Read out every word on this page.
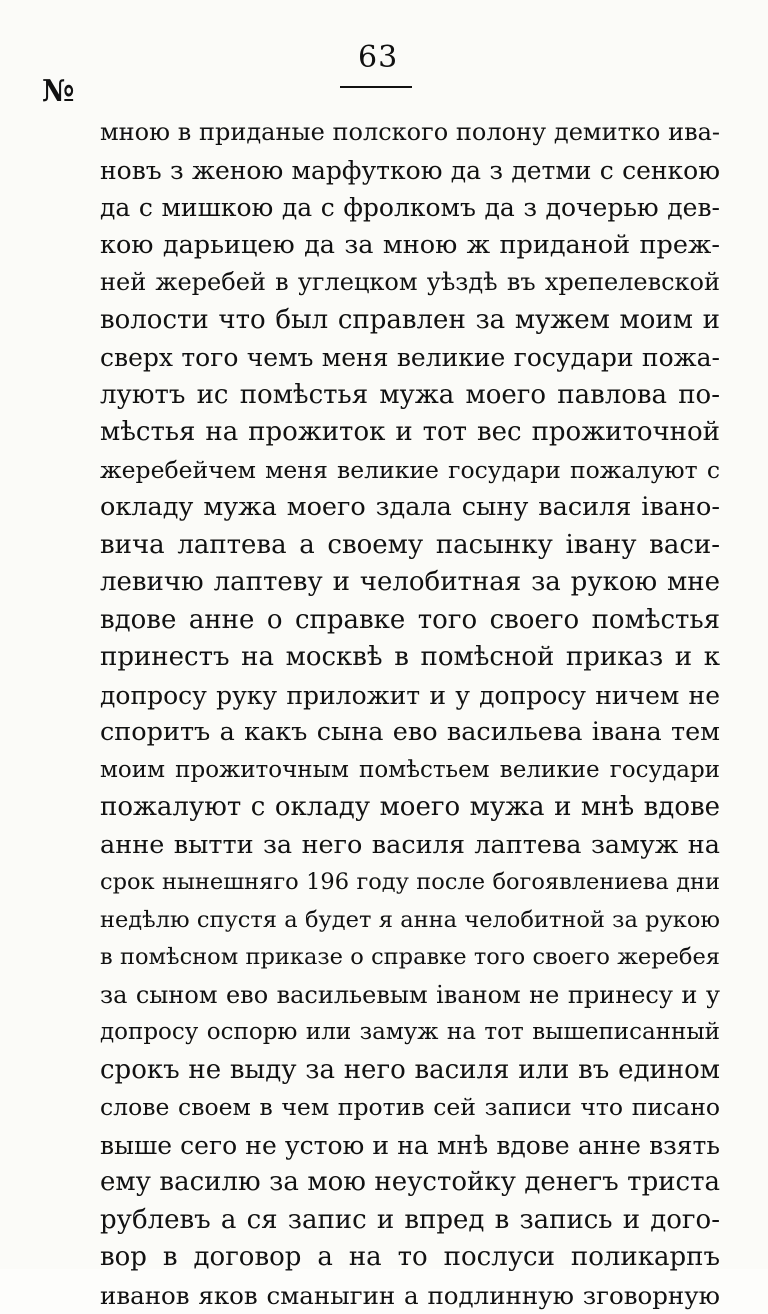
№
63
мною в приданые полского полону демитко ива-
новъ з женою марфуткою да з детми с сенкою
да с мишкою да с фролкомъ да з дочерью дев-
кою дарьицею да за мною ж приданой преж-
ней жеребей в углецком уѣздѣ въ хрепелевской
волости что был справлен за мужем моим и
сверх того чемъ меня великие государи пожа-
луютъ ис помѣстья мужа моего павлова по-
мѣстья на прожиток и тот вес прожиточной
жеребейчем меня великие государи пожалуют с
окладу мужа моего здала сыну василя івано-
вича лаптева а своему пасынку івану васи-
левичю лаптеву и челобитная за рукою мне
вдове анне о справке того своего помѣстья
принестъ на москвѣ в помѣсной приказ и к
допросу руку приложит и у допросу ничем не
споритъ а какъ сына ево васильева івана тем
моим прожиточным помѣстьем великие государи
пожалуют с окладу моего мужа и мнѣ вдове
анне вытти за него василя лаптева замуж на
срок нынешняго 196 году после богоявлениева дни
недѣлю спустя а будет я анна челобитной за рукою
в помѣсном приказе о справке того своего жеребея
за сыном ево васильевым іваном не принесу и у
допросу оспорю или замуж на тот вышеписанный
срокъ не выду за него василя или въ едином
слове своем в чем против сей записи что писано
выше сего не устою и на мнѣ вдове анне взять
ему василю за мою неустойку денегъ триста
рублевъ а ся запис и впред в запись и дого-
вор в договор а на то послуси поликарпъ
иванов яков сманыгин а подлинную зговорную
